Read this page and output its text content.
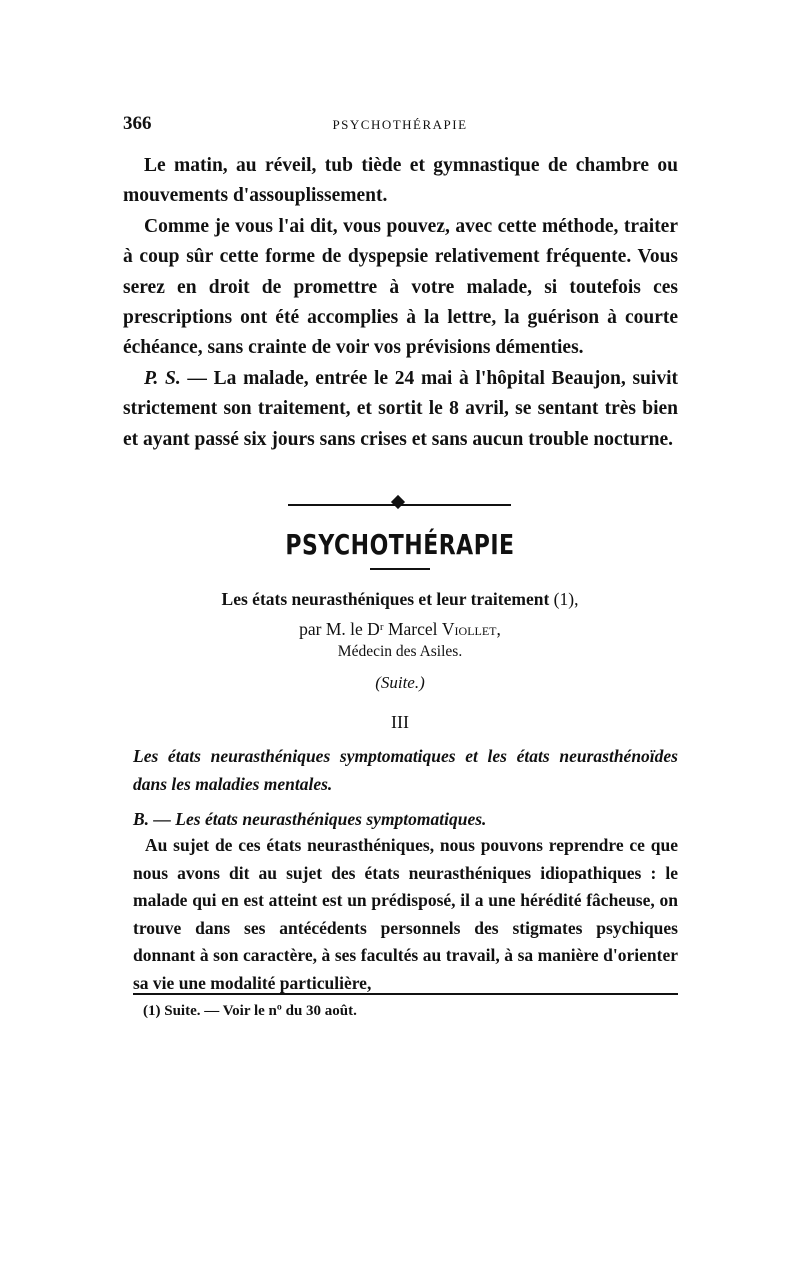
366	PSYCHOTHÉRAPIE

Le matin, au réveil, tub tiède et gymnastique de chambre ou mouvements d'assouplissement.

Comme je vous l'ai dit, vous pouvez, avec cette méthode, traiter à coup sûr cette forme de dyspepsie relativement fréquente. Vous serez en droit de promettre à votre malade, si toutefois ces prescriptions ont été accomplies à la lettre, la guérison à courte échéance, sans crainte de voir vos prévisions démenties.

P. S. — La malade, entrée le 24 mai à l'hôpital Beaujon, suivit strictement son traitement, et sortit le 8 avril, se sentant très bien et ayant passé six jours sans crises et sans aucun trouble nocturne.

PSYCHOTHÉRAPIE
Les états neurasthéniques et leur traitement (1),
par M. le Dʳ Marcel Viollet,
Médecin des Asiles.
(Suite.)
III
Les états neurasthéniques symptomatiques et les états neurasthénoïdes dans les maladies mentales.
B. — Les états neurasthéniques symptomatiques.

Au sujet de ces états neurasthéniques, nous pouvons reprendre ce que nous avons dit au sujet des états neurasthéniques idiopathiques : le malade qui en est atteint est un prédisposé, il a une hérédité fâcheuse, on trouve dans ses antécédents personnels des stigmates psychiques donnant à son caractère, à ses facultés au travail, à sa manière d'orienter sa vie une modalité particulière,

(1) Suite. — Voir le nº du 30 août.
